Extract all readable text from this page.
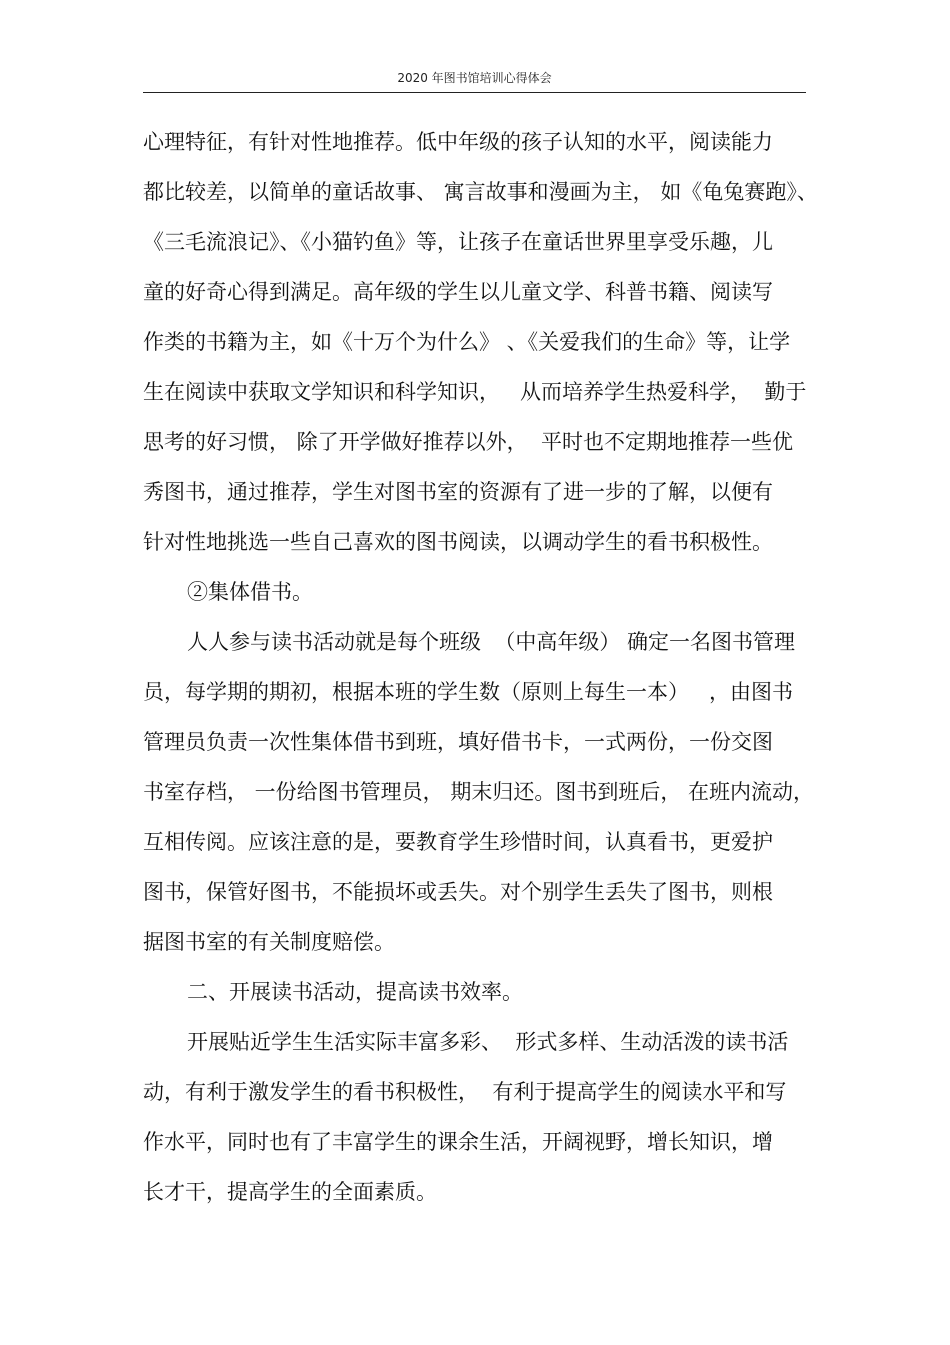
2020 年图书馆培训心得体会
心理特征，有针对性地推荐。低中年级的孩子认知的水平，阅读能力
都比较差，以简单的童话故事、 寓言故事和漫画为主， 如《龟兔赛跑》、
《三毛流浪记》、《小猫钓鱼》等，让孩子在童话世界里享受乐趣，儿
童的好奇心得到满足。高年级的学生以儿童文学、科普书籍、阅读写
作类的书籍为主，如《十万个为什么》 、《关爱我们的生命》等，让学
生在阅读中获取文学知识和科学知识，   从而培养学生热爱科学，  勤于
思考的好习惯， 除了开学做好推荐以外，  平时也不定期地推荐一些优
秀图书，通过推荐，学生对图书室的资源有了进一步的了解，以便有
针对性地挑选一些自己喜欢的图书阅读，以调动学生的看书积极性。
②集体借书。
人人参与读书活动就是每个班级  （中高年级） 确定一名图书管理
员，每学期的期初，根据本班的学生数（原则上每生一本）   ，由图书
管理员负责一次性集体借书到班，填好借书卡，一式两份，一份交图
书室存档， 一份给图书管理员， 期末归还。图书到班后， 在班内流动，
互相传阅。应该注意的是，要教育学生珍惜时间，认真看书，更爱护
图书，保管好图书，不能损坏或丢失。对个别学生丢失了图书，则根
据图书室的有关制度赔偿。
二、开展读书活动，提高读书效率。
开展贴近学生生活实际丰富多彩、  形式多样、生动活泼的读书活
动，有利于激发学生的看书积极性，  有利于提高学生的阅读水平和写
作水平，同时也有了丰富学生的课余生活，开阔视野，增长知识，增
长才干，提高学生的全面素质。
